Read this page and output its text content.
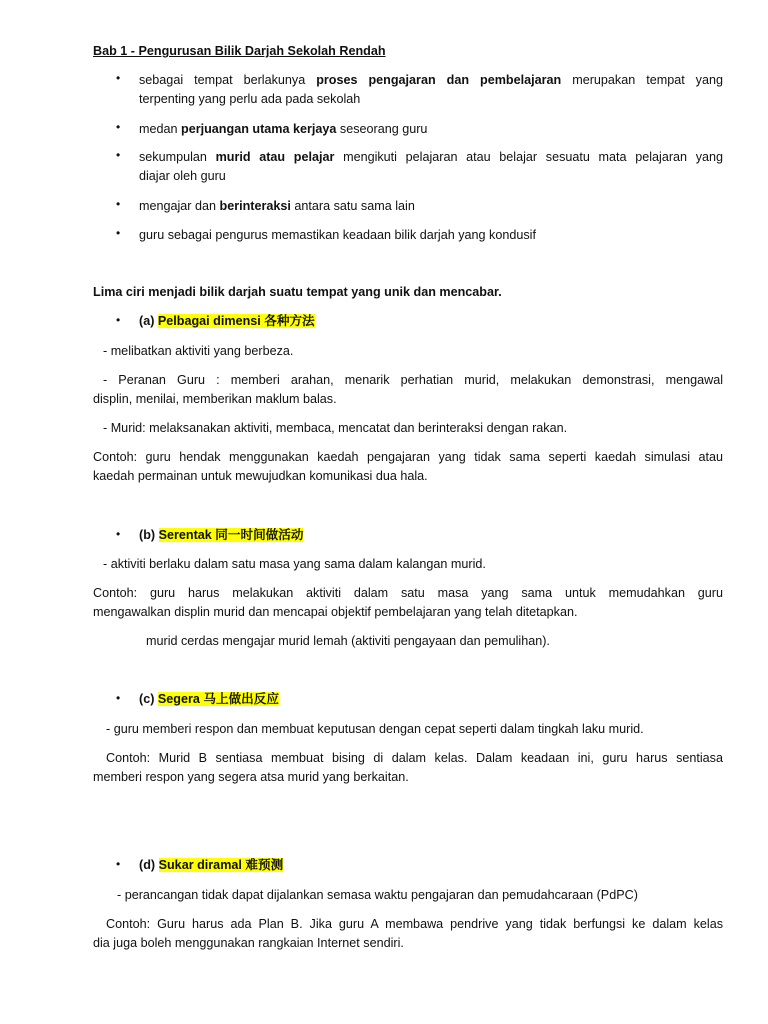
Bab 1 - Pengurusan Bilik Darjah Sekolah Rendah
• sebagai tempat berlakunya proses pengajaran dan pembelajaran merupakan tempat yang
terpenting yang perlu ada pada sekolah
• medan perjuangan utama kerjaya seseorang guru
• sekumpulan murid atau pelajar mengikuti pelajaran atau belajar sesuatu mata pelajaran yang
diajar oleh guru
• mengajar dan berinteraksi antara satu sama lain
• guru sebagai pengurus memastikan keadaan bilik darjah yang kondusif
Lima ciri menjadi bilik darjah suatu tempat yang unik dan mencabar.
• (a) Pelbagai dimensi 各种方法
- melibatkan aktiviti yang berbeza.
- Peranan Guru : memberi arahan, menarik perhatian murid, melakukan demonstrasi, mengawal
displin, menilai, memberikan maklum balas.
- Murid: melaksanakan aktiviti, membaca, mencatat dan berinteraksi dengan rakan.
Contoh: guru hendak menggunakan kaedah pengajaran yang tidak sama seperti kaedah simulasi atau
kaedah permainan untuk mewujudkan komunikasi dua hala.
• (b) Serentak 同一时间做活动
- aktiviti berlaku dalam satu masa yang sama dalam kalangan murid.
Contoh: guru harus melakukan aktiviti dalam satu masa yang sama untuk memudahkan guru
mengawalkan displin murid dan mencapai objektif pembelajaran yang telah ditetapkan.
murid cerdas mengajar murid lemah (aktiviti pengayaan dan pemulihan).
• (c) Segera 马上做出反应
- guru memberi respon dan membuat keputusan dengan cepat seperti dalam tingkah laku murid.
Contoh: Murid B sentiasa membuat bising di dalam kelas. Dalam keadaan ini, guru harus sentiasa
memberi respon yang segera atsa murid yang berkaitan.
• (d) Sukar diramal 难预测
- perancangan tidak dapat dijalankan semasa waktu pengajaran dan pemudahcaraan (PdPC)
Contoh: Guru harus ada Plan B. Jika guru A membawa pendrive yang tidak berfungsi ke dalam kelas
dia juga boleh menggunakan rangkaian Internet sendiri.
